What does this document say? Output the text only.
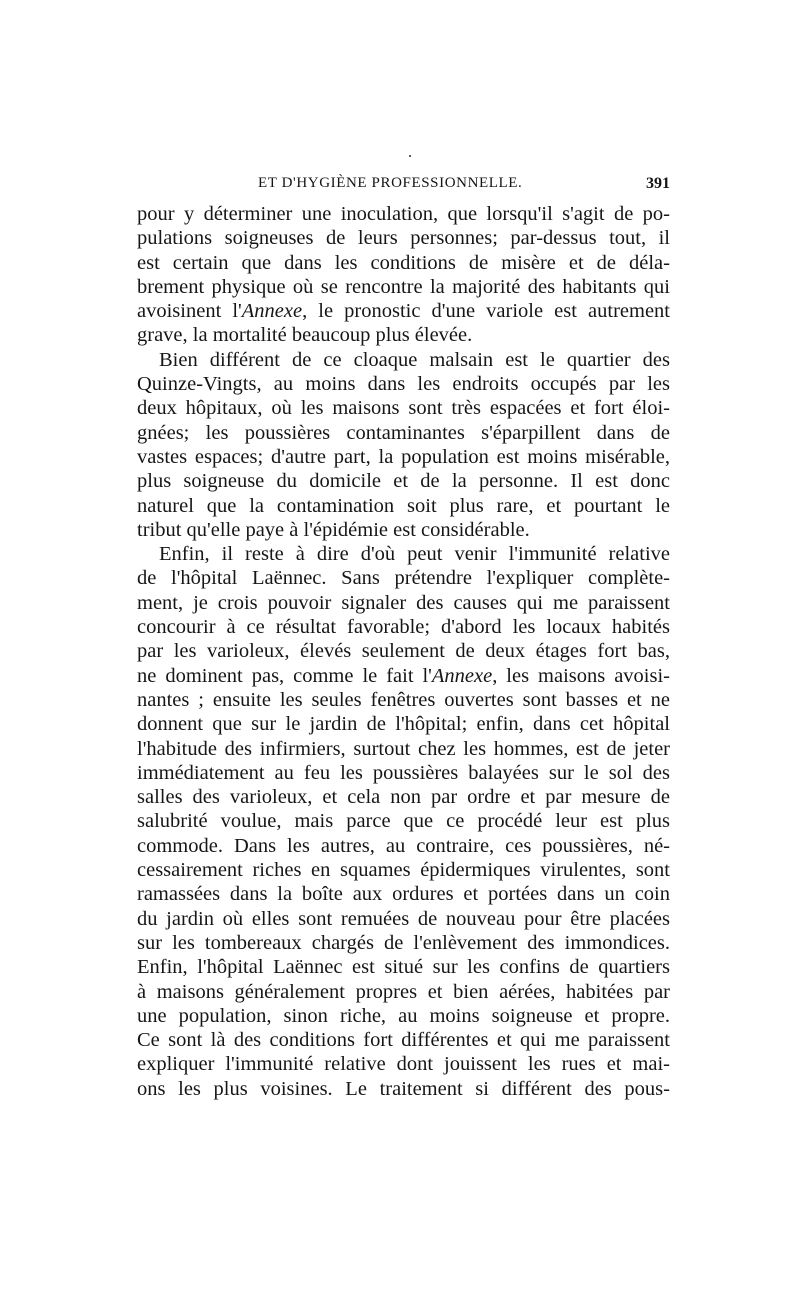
ET D'HYGIÈNE PROFESSIONNELLE.	391
pour y déterminer une inoculation, que lorsqu'il s'agit de po-
pulations soigneuses de leurs personnes; par-dessus tout, il
est certain que dans les conditions de misère et de déla-
brement physique où se rencontre la majorité des habitants qui
avoisinent l'Annexe, le pronostic d'une variole est autrement
grave, la mortalité beaucoup plus élevée.
Bien différent de ce cloaque malsain est le quartier des
Quinze-Vingts, au moins dans les endroits occupés par les
deux hôpitaux, où les maisons sont très espacées et fort éloi-
gnées; les poussières contaminantes s'éparpillent dans de
vastes espaces; d'autre part, la population est moins misérable,
plus soigneuse du domicile et de la personne. Il est donc
naturel que la contamination soit plus rare, et pourtant le
tribut qu'elle paye à l'épidémie est considérable.
Enfin, il reste à dire d'où peut venir l'immunité relative
de l'hôpital Laënnec. Sans prétendre l'expliquer complète-
ment, je crois pouvoir signaler des causes qui me paraissent
concourir à ce résultat favorable; d'abord les locaux habités
par les varioleux, élevés seulement de deux étages fort bas,
ne dominent pas, comme le fait l'Annexe, les maisons avoisi-
nantes ; ensuite les seules fenêtres ouvertes sont basses et ne
donnent que sur le jardin de l'hôpital; enfin, dans cet hôpital
l'habitude des infirmiers, surtout chez les hommes, est de jeter
immédiatement au feu les poussières balayées sur le sol des
salles des varioleux, et cela non par ordre et par mesure de
salubrité voulue, mais parce que ce procédé leur est plus
commode. Dans les autres, au contraire, ces poussières, né-
cessairement riches en squames épidermiques virulentes, sont
ramassées dans la boîte aux ordures et portées dans un coin
du jardin où elles sont remuées de nouveau pour être placées
sur les tombereaux chargés de l'enlèvement des immondices.
Enfin, l'hôpital Laënnec est situé sur les confins de quartiers
à maisons généralement propres et bien aérées, habitées par
une population, sinon riche, au moins soigneuse et propre.
Ce sont là des conditions fort différentes et qui me paraissent
expliquer l'immunité relative dont jouissent les rues et mai-
ons les plus voisines. Le traitement si différent des pous-
